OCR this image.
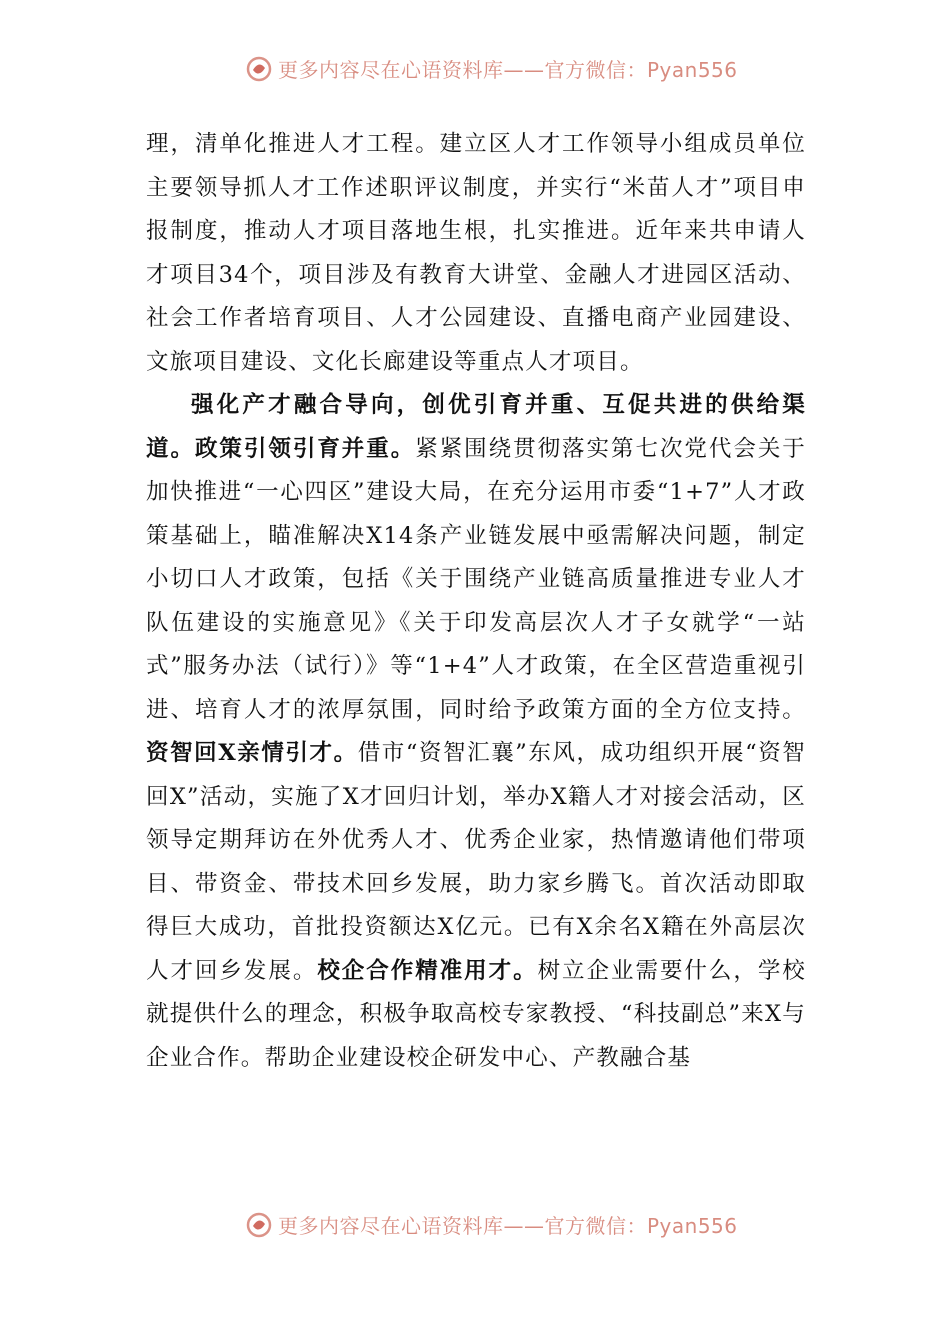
更多内容尽在心语资料库——官方微信：Pyan556

理，清单化推进人才工程。建立区人才工作领导小组成员单位主要领导抓人才工作述职评议制度，并实行“米苗人才”项目申报制度，推动人才项目落地生根，扎实推进。近年来共申请人才项目34个，项目涉及有教育大讲堂、金融人才进园区活动、社会工作者培育项目、人才公园建设、直播电商产业园建设、文旅项目建设、文化长廊建设等重点人才项目。

强化产才融合导向，创优引育并重、互促共进的供给渠道。政策引领引育并重。紧紧围绕贯彻落实第七次党代会关于加快推进“一心四区”建设大局，在充分运用市委“1+7”人才政策基础上，瞄准解决X14条产业链发展中亟需解决问题，制定小切口人才政策，包括《关于围绕产业链高质量推进专业人才队伍建设的实施意见》《关于印发高层次人才子女就学“一站式”服务办法（试行）》等“1+4”人才政策，在全区营造重视引进、培育人才的浓厚氛围，同时给予政策方面的全方位支持。资智回X亲情引才。借市“资智汇襄”东风，成功组织开展“资智回X”活动，实施了X才回归计划，举办X籍人才对接会活动，区领导定期拜访在外优秀人才、优秀企业家，热情邀请他们带项目、带资金、带技术回乡发展，助力家乡腾飞。首次活动即取得巨大成功，首批投资额达X亿元。已有X余名X籍在外高层次人才回乡发展。校企合作精准用才。树立企业需要什么，学校就提供什么的理念，积极争取高校专家教授、“科技副总”来X与企业合作。帮助企业建设校企研发中心、产教融合基

更多内容尽在心语资料库——官方微信：Pyan556
